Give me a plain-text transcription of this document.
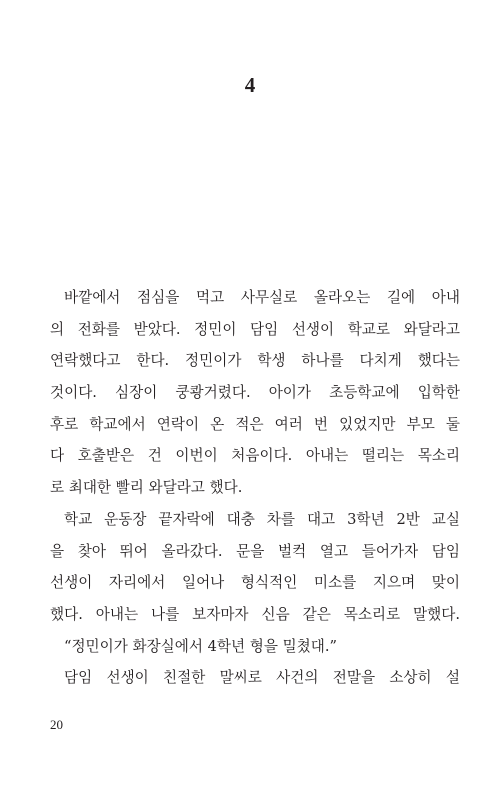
4
바깥에서 점심을 먹고 사무실로 올라오는 길에 아내
의 전화를 받았다. 정민이 담임 선생이 학교로 와달라고
연락했다고 한다. 정민이가 학생 하나를 다치게 했다는
것이다. 심장이 쿵쾅거렸다. 아이가 초등학교에 입학한
후로 학교에서 연락이 온 적은 여러 번 있었지만 부모 둘
다 호출받은 건 이번이 처음이다. 아내는 떨리는 목소리
로 최대한 빨리 와달라고 했다.
학교 운동장 끝자락에 대충 차를 대고 3학년 2반 교실
을 찾아 뛰어 올라갔다. 문을 벌컥 열고 들어가자 담임
선생이 자리에서 일어나 형식적인 미소를 지으며 맞이
했다. 아내는 나를 보자마자 신음 같은 목소리로 말했다.
“정민이가 화장실에서 4학년 형을 밀쳤대.”
담임 선생이 친절한 말씨로 사건의 전말을 소상히 설
20
